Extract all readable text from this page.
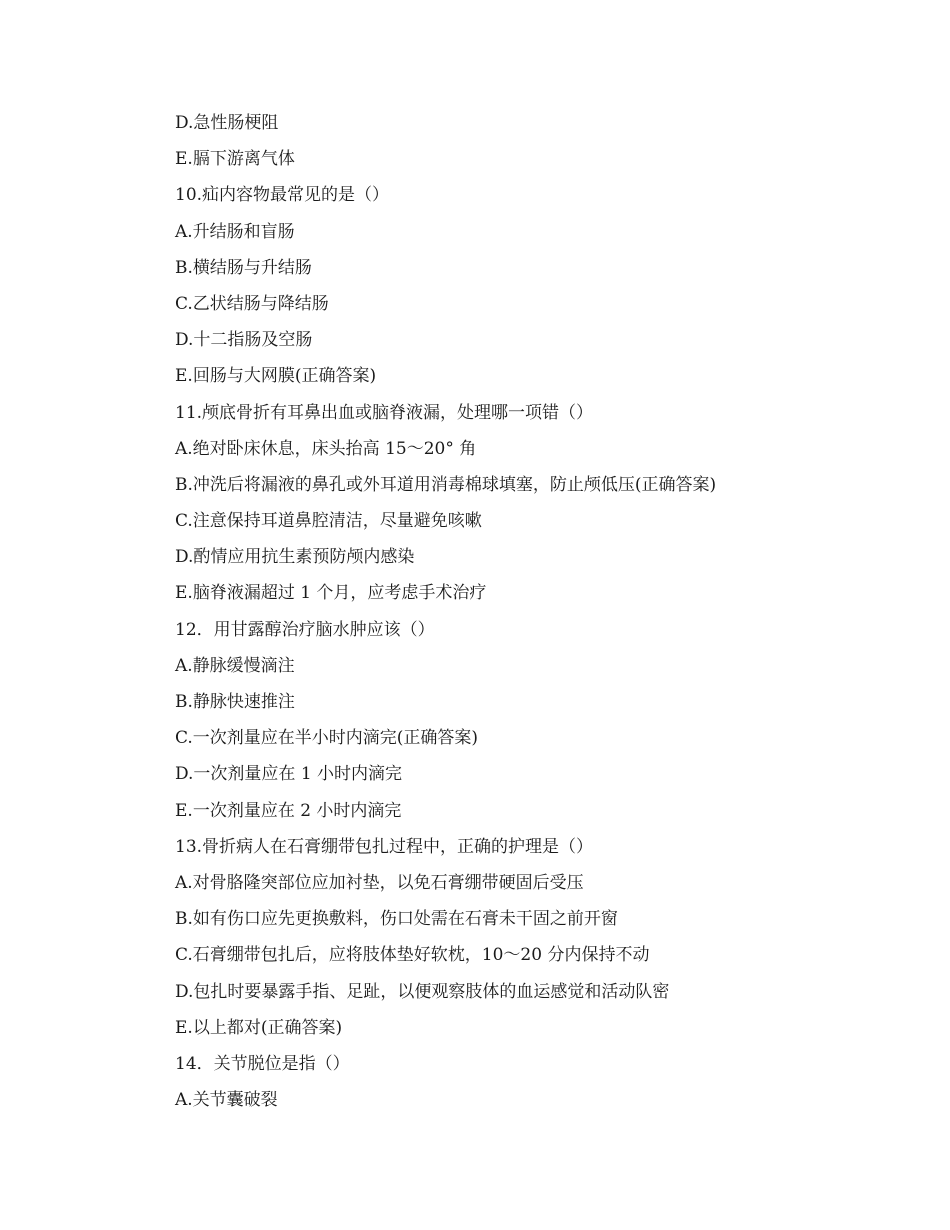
D.急性肠梗阻
E.膈下游离气体
10.疝内容物最常见的是（）
A.升结肠和盲肠
B.横结肠与升结肠
C.乙状结肠与降结肠
D.十二指肠及空肠
E.回肠与大网膜(正确答案)
11.颅底骨折有耳鼻出血或脑脊液漏，处理哪一项错（）
A.绝对卧床休息，床头抬高 15～20° 角
B.冲洗后将漏液的鼻孔或外耳道用消毒棉球填塞，防止颅低压(正确答案)
C.注意保持耳道鼻腔清洁，尽量避免咳嗽
D.酌情应用抗生素预防颅内感染
E.脑脊液漏超过 1 个月，应考虑手术治疗
12．用甘露醇治疗脑水肿应该（）
A.静脉缓慢滴注
B.静脉快速推注
C.一次剂量应在半小时内滴完(正确答案)
D.一次剂量应在 1 小时内滴完
E.一次剂量应在 2 小时内滴完
13.骨折病人在石膏绷带包扎过程中，正确的护理是（）
A.对骨胳隆突部位应加衬垫，以免石膏绷带硬固后受压
B.如有伤口应先更换敷料，伤口处需在石膏未干固之前开窗
C.石膏绷带包扎后，应将肢体垫好软枕，10～20 分内保持不动
D.包扎时要暴露手指、足趾，以便观察肢体的血运感觉和活动队密
E.以上都对(正确答案)
14．关节脱位是指（）
A.关节囊破裂
